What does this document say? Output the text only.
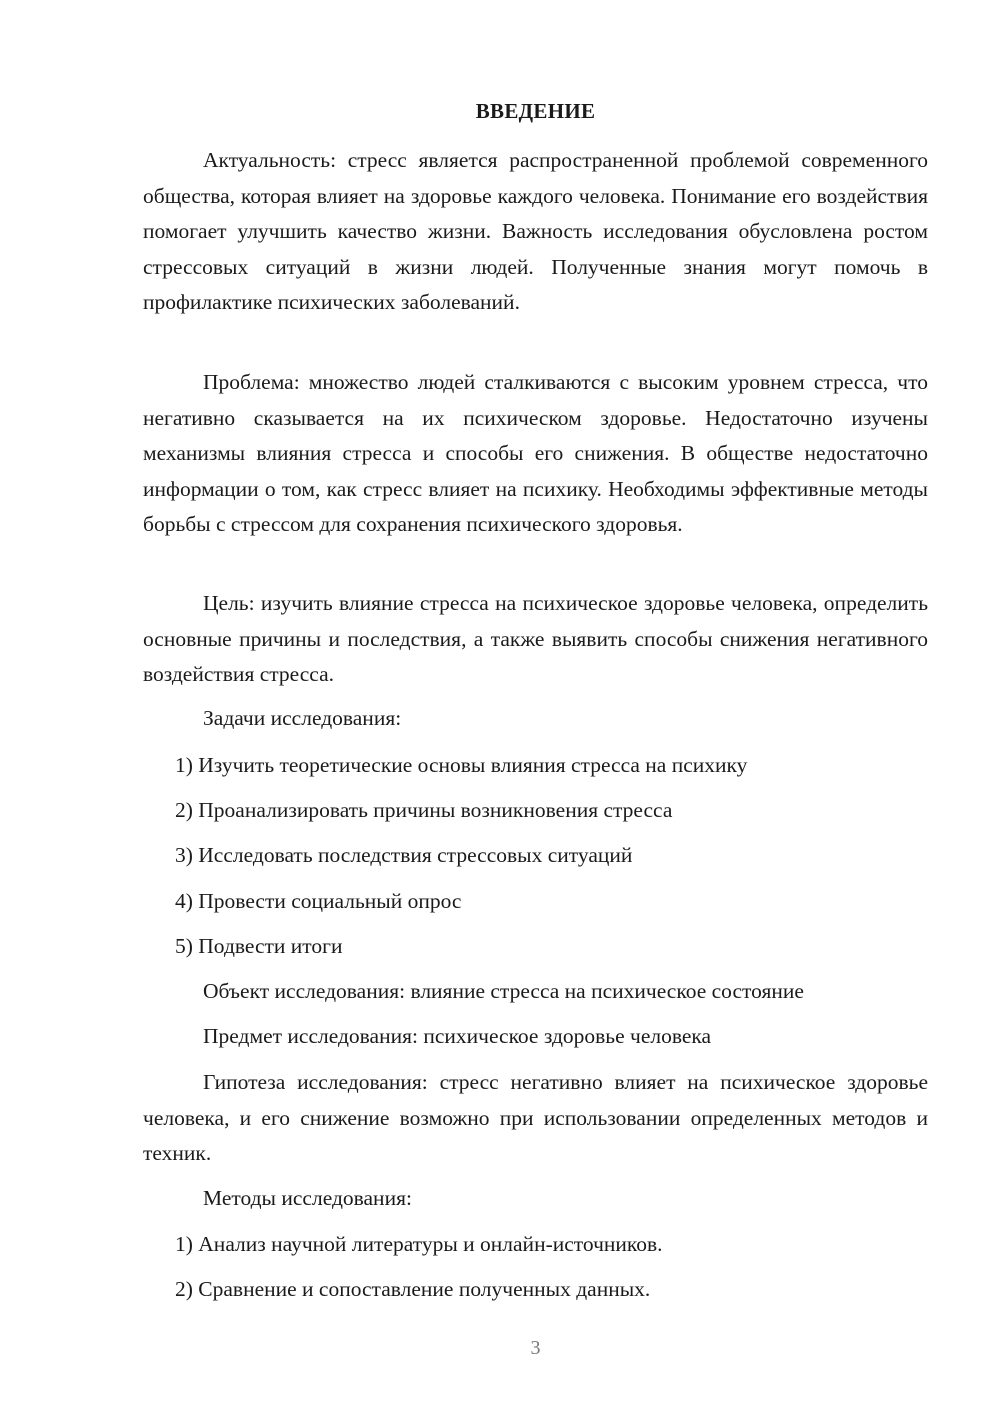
ВВЕДЕНИЕ

Актуальность: стресс является распространенной проблемой современного общества, которая влияет на здоровье каждого человека. Понимание его воздействия помогает улучшить качество жизни. Важность исследования обусловлена ростом стрессовых ситуаций в жизни людей. Полученные знания могут помочь в профилактике психических заболеваний.

Проблема: множество людей сталкиваются с высоким уровнем стресса, что негативно сказывается на их психическом здоровье. Недостаточно изучены механизмы влияния стресса и способы его снижения. В обществе недостаточно информации о том, как стресс влияет на психику. Необходимы эффективные методы борьбы с стрессом для сохранения психического здоровья.

Цель: изучить влияние стресса на психическое здоровье человека, определить основные причины и последствия, а также выявить способы снижения негативного воздействия стресса.

Задачи исследования:

1) Изучить теоретические основы влияния стресса на психику

2) Проанализировать причины возникновения стресса

3) Исследовать последствия стрессовых ситуаций

4) Провести социальный опрос

5) Подвести итоги

Объект исследования: влияние стресса на психическое состояние

Предмет исследования: психическое здоровье человека

Гипотеза исследования: стресс негативно влияет на психическое здоровье человека, и его снижение возможно при использовании определенных методов и техник.

Методы исследования:

1) Анализ научной литературы и онлайн-источников.

2) Сравнение и сопоставление полученных данных.

3
